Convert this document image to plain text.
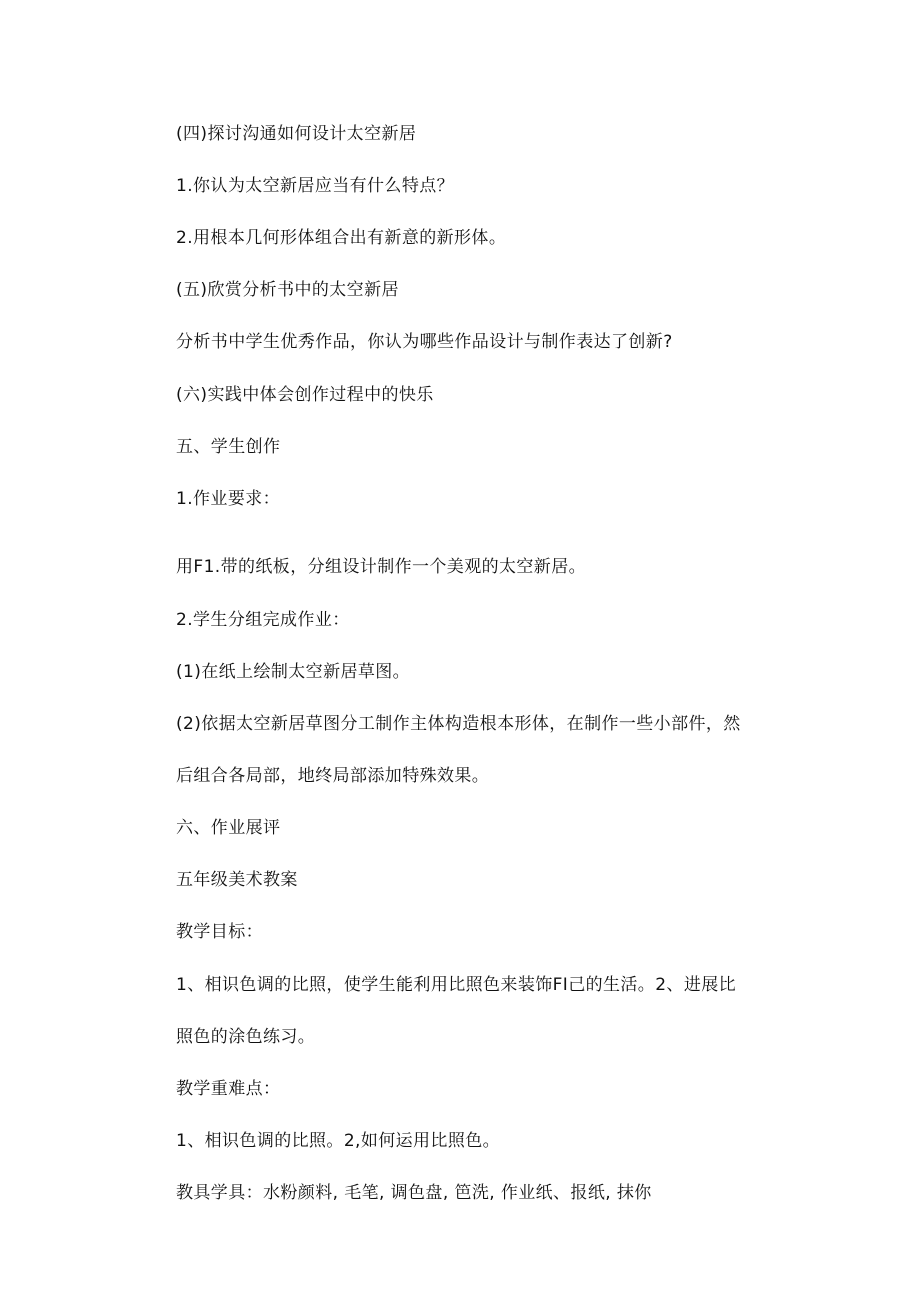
(四)探讨沟通如何设计太空新居
1.你认为太空新居应当有什么特点？
2.用根本几何形体组合出有新意的新形体。
(五)欣赏分析书中的太空新居
分析书中学生优秀作品，你认为哪些作品设计与制作表达了创新?
(六)实践中体会创作过程中的快乐
五、学生创作
1.作业要求：
用F1.带的纸板，分组设计制作一个美观的太空新居。
2.学生分组完成作业：
(1)在纸上绘制太空新居草图。
(2)依据太空新居草图分工制作主体构造根本形体，在制作一些小部件，然
后组合各局部，地终局部添加特殊效果。
六、作业展评
五年级美术教案
教学目标：
1、相识色调的比照，使学生能利用比照色来装饰FI己的生活。2、进展比
照色的涂色练习。
教学重难点：
1、相识色调的比照。2,如何运用比照色。
教具学具：水粉颜料, 毛笔, 调色盘, 笆洗, 作业纸、报纸, 抹你
